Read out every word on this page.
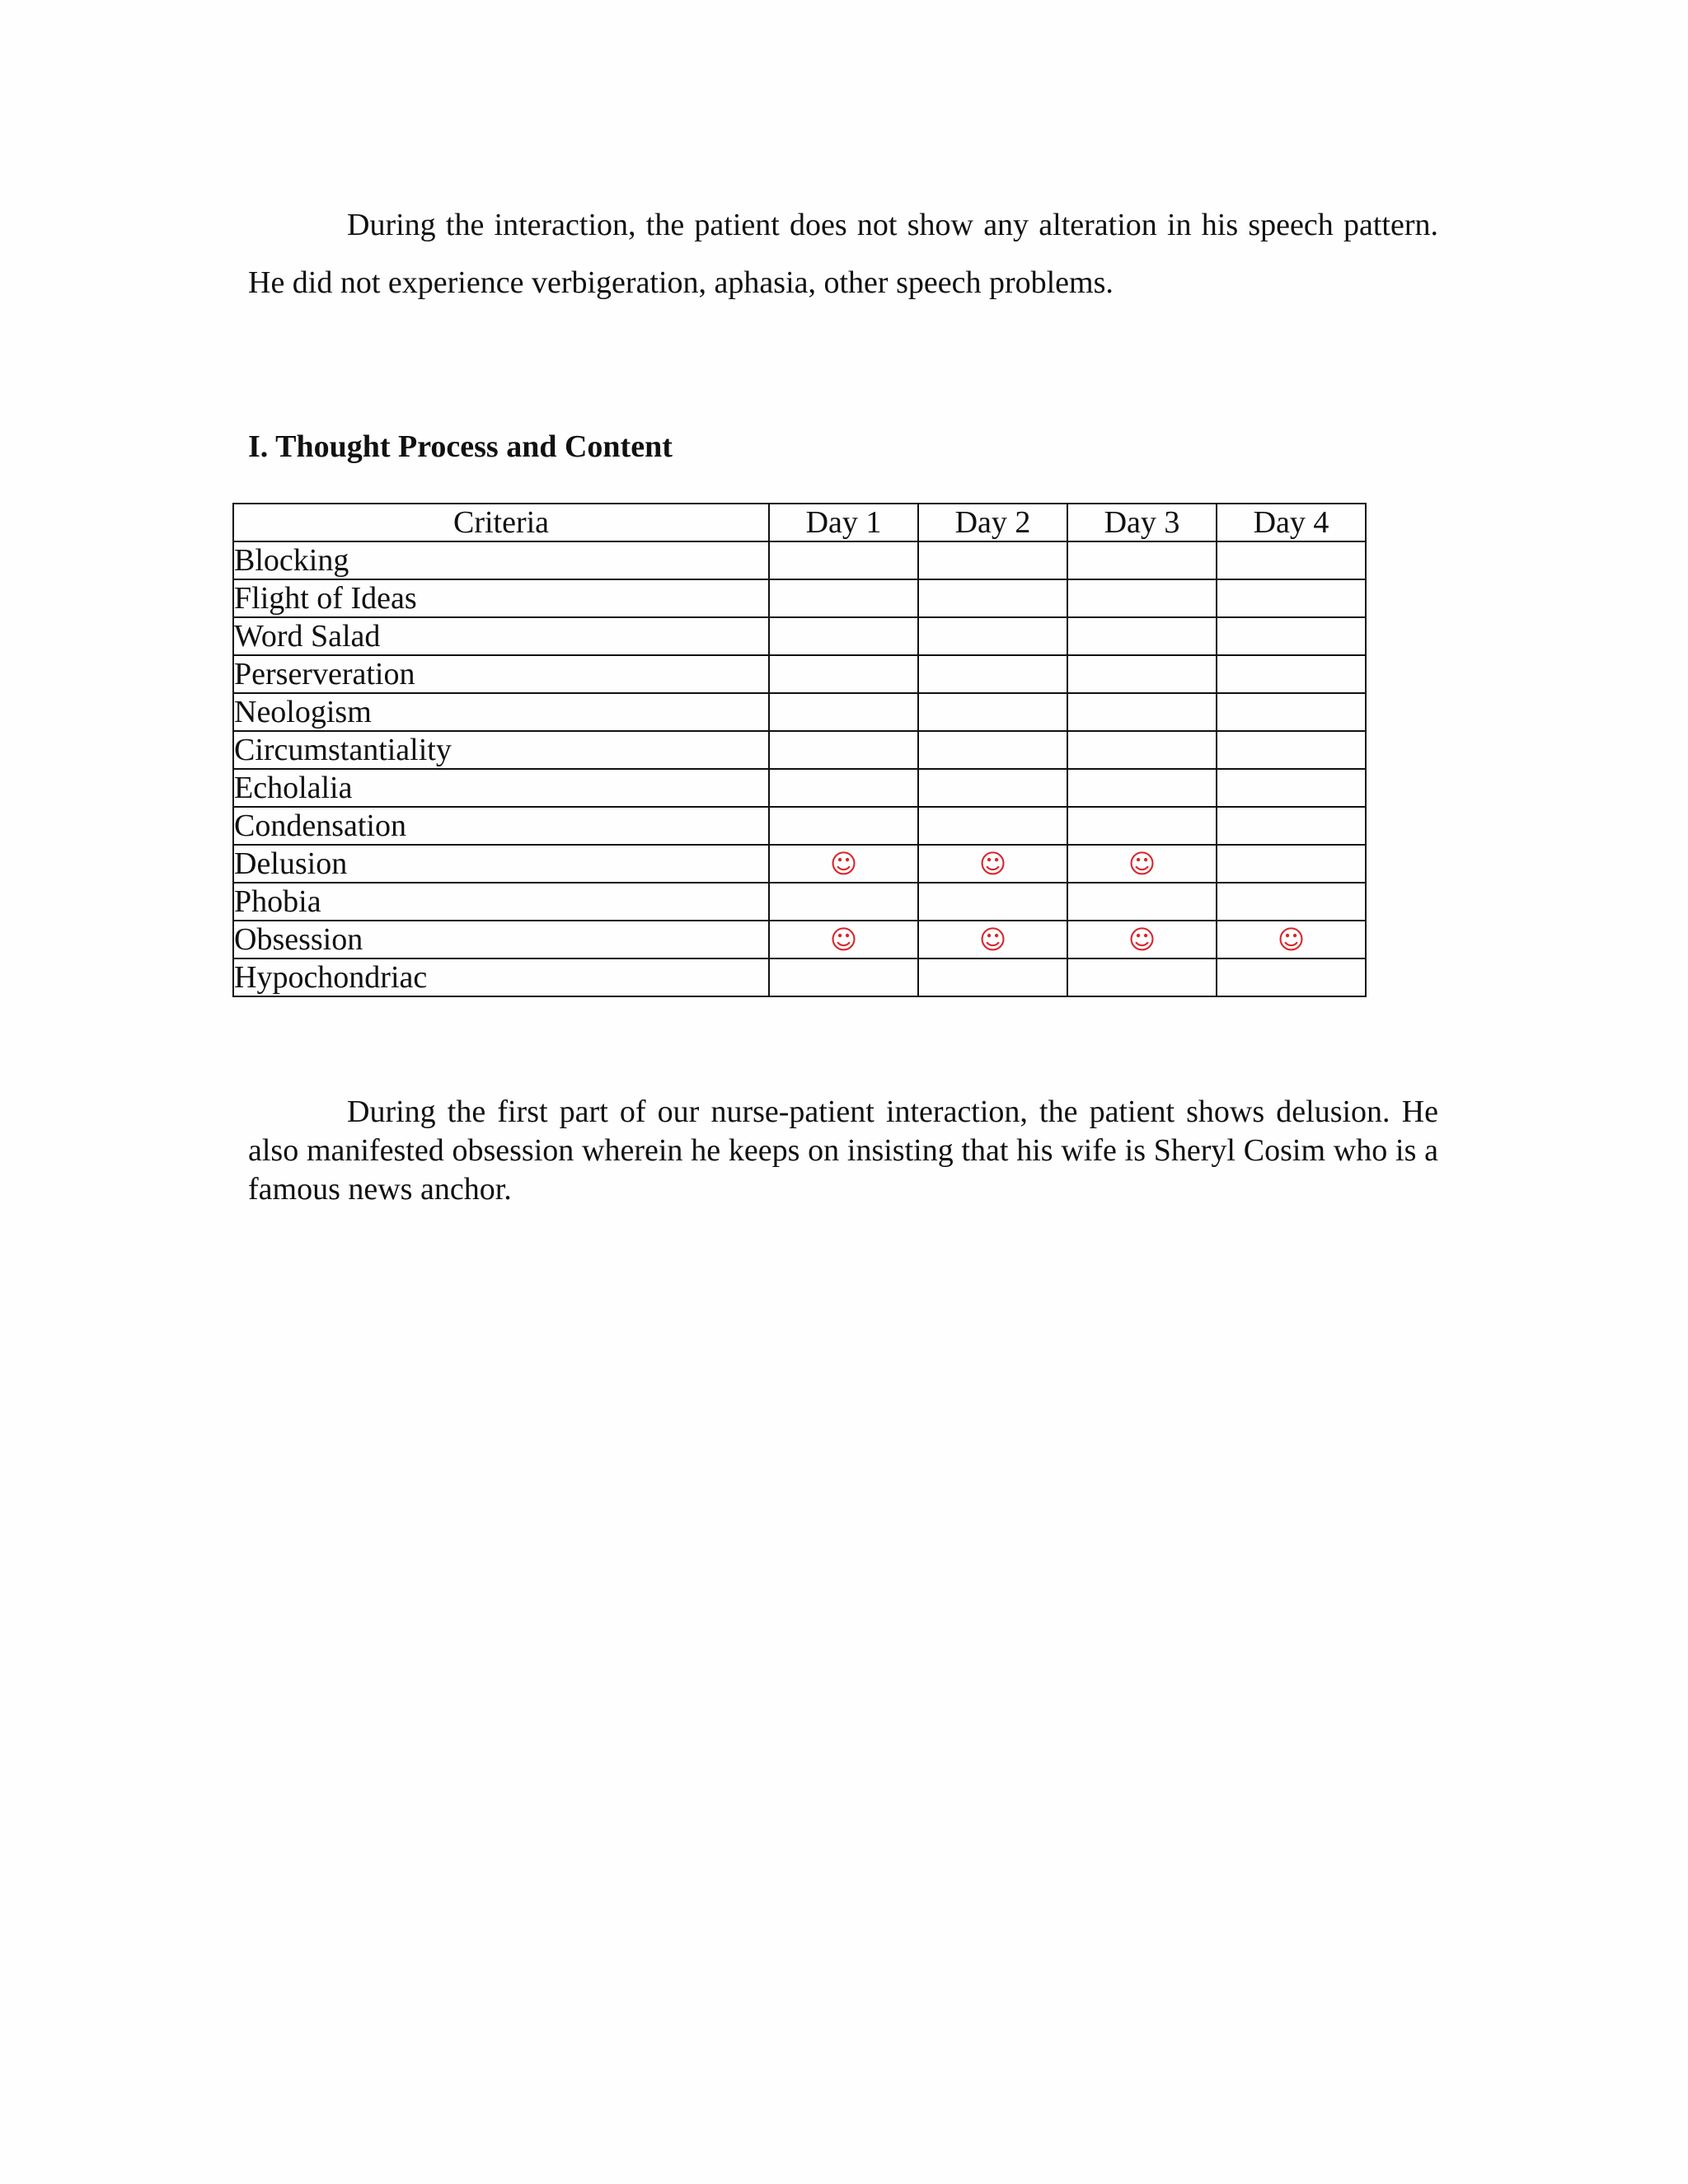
During the interaction, the patient does not show any alteration in his speech pattern. He did not experience verbigeration, aphasia, other speech problems.

I. Thought Process and Content
Criteria	Day 1	Day 2	Day 3	Day 4
Blocking				
Flight of Ideas				
Word Salad				
Perserveration				
Neologism				
Circumstantiality				
Echolalia				
Condensation				
Delusion	☺	☺	☺	
Phobia				
Obsession	☺	☺	☺	☺
Hypochondriac				

During the first part of our nurse-patient interaction, the patient shows delusion. He also manifested obsession wherein he keeps on insisting that his wife is Sheryl Cosim who is a famous news anchor.
